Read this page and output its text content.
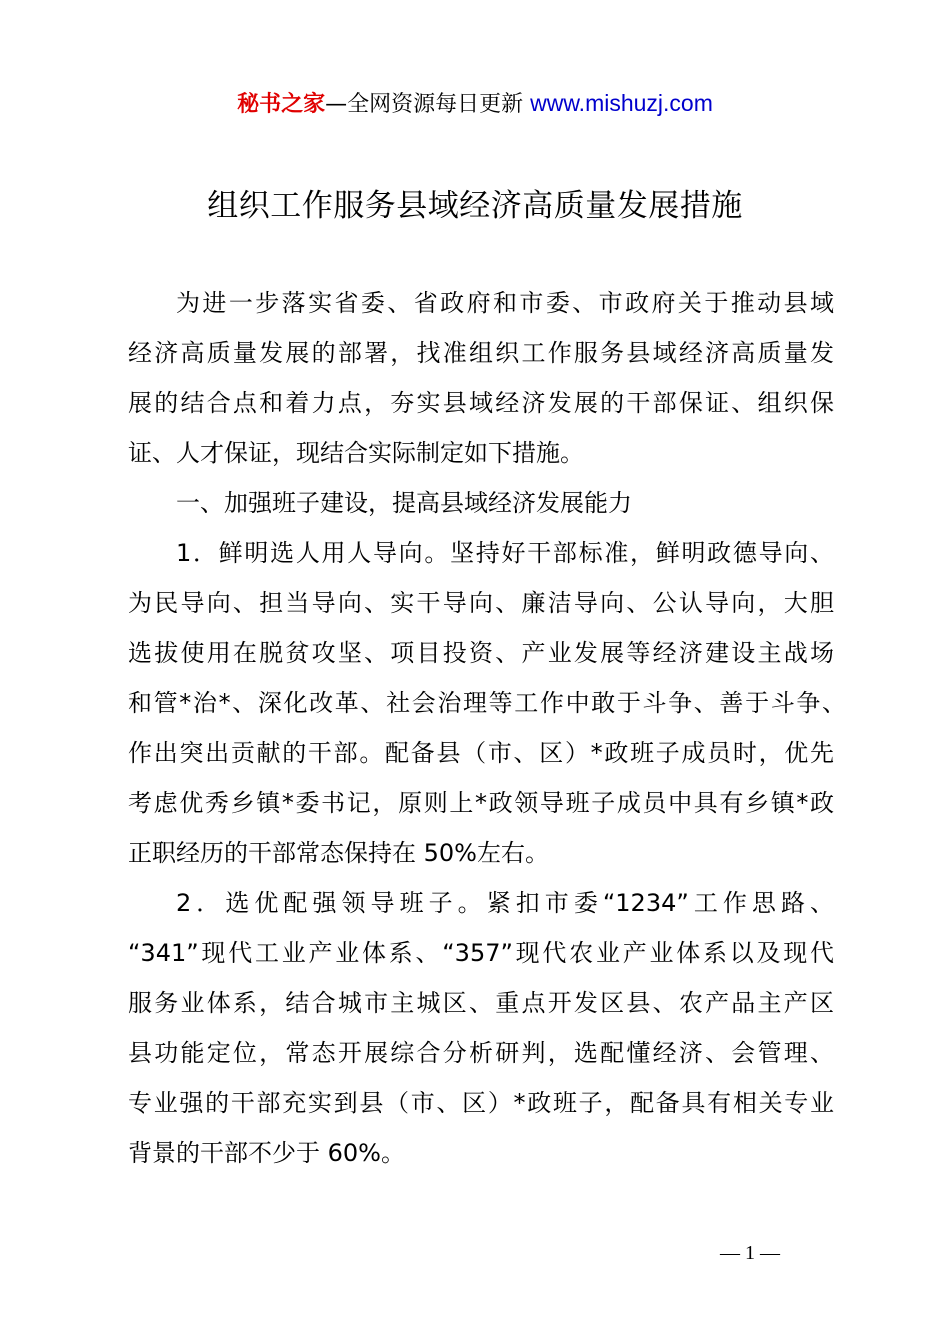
秘书之家—全网资源每日更新 www.mishuzj.com
组织工作服务县域经济高质量发展措施
为进一步落实省委、省政府和市委、市政府关于推动县域
经济高质量发展的部署，找准组织工作服务县域经济高质量发
展的结合点和着力点，夯实县域经济发展的干部保证、组织保
证、人才保证，现结合实际制定如下措施。
一、加强班子建设，提高县域经济发展能力
1．鲜明选人用人导向。坚持好干部标准，鲜明政德导向、
为民导向、担当导向、实干导向、廉洁导向、公认导向，大胆
选拔使用在脱贫攻坚、项目投资、产业发展等经济建设主战场
和管*治*、深化改革、社会治理等工作中敢于斗争、善于斗争、
作出突出贡献的干部。配备县（市、区）*政班子成员时，优先
考虑优秀乡镇*委书记，原则上*政领导班子成员中具有乡镇*政
正职经历的干部常态保持在 50%左右。
2．选优配强领导班子。紧扣市委“1234”工作思路、
“341”现代工业产业体系、“357”现代农业产业体系以及现代
服务业体系，结合城市主城区、重点开发区县、农产品主产区
县功能定位，常态开展综合分析研判，选配懂经济、会管理、
专业强的干部充实到县（市、区）*政班子，配备具有相关专业
背景的干部不少于 60%。
— 1 —
